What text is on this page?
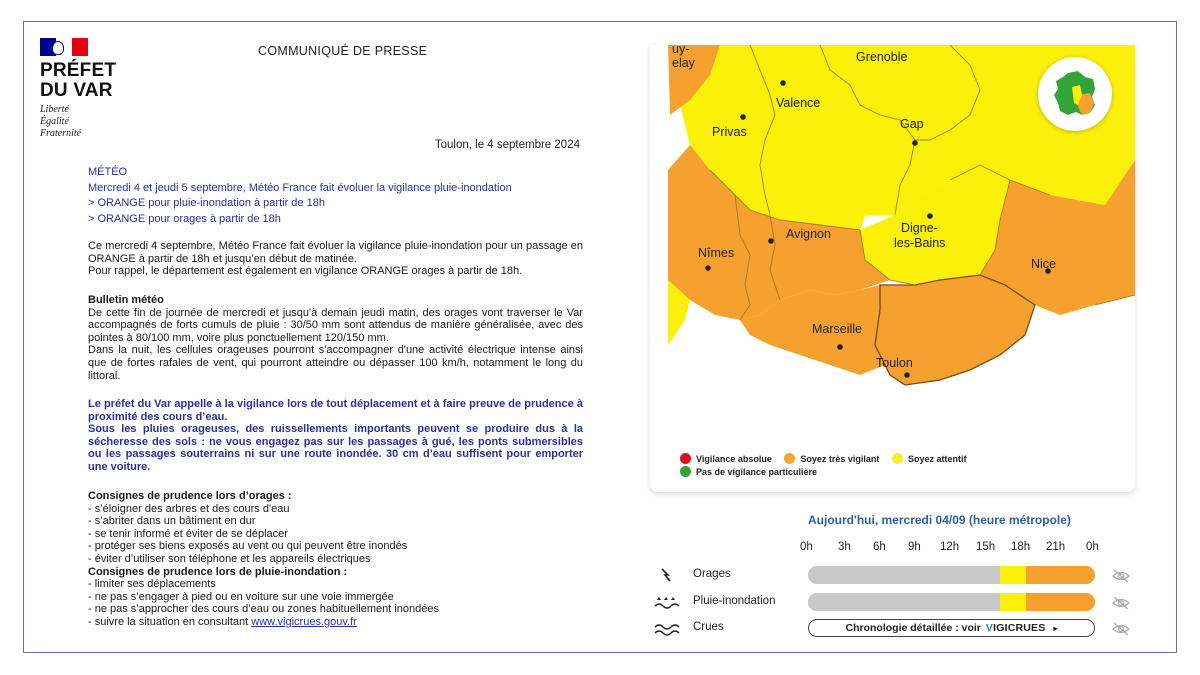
PRÉFET
DU VAR
Liberté
Égalité
Fraternité
COMMUNIQUÉ DE PRESSE
Toulon, le 4 septembre 2024
MÉTÉO
Mercredi 4 et jeudi 5 septembre, Météo France fait évoluer la vigilance pluie-inondation
> ORANGE pour pluie-inondation à partir de 18h
> ORANGE pour orages à partir de 18h

Ce mercredi 4 septembre, Météo France fait évoluer la vigilance pluie-inondation pour un passage en ORANGE à partir de 18h et jusqu’en début de matinée.

Pour rappel, le département est également en vigilance ORANGE orages à partir de 18h.

Bulletin météo

De cette fin de journée de mercredi et jusqu'à demain jeudi matin, des orages vont traverser le Var accompagnés de forts cumuls de pluie : 30/50 mm sont attendus de manière généralisée, avec des pointes à 80/100 mm, voire plus ponctuellement 120/150 mm.

Dans la nuit, les cellules orageuses pourront s'accompagner d'une activité électrique intense ainsi que de fortes rafales de vent, qui pourront atteindre ou dépasser 100 km/h, notamment le long du littoral.

Le préfet du Var appelle à la vigilance lors de tout déplacement et à faire preuve de prudence à proximité des cours d’eau.

Sous les pluies orageuses, des ruissellements importants peuvent se produire dus à la sécheresse des sols : ne vous engagez pas sur les passages à gué, les ponts submersibles ou les passages souterrains ni sur une route inondée. 30 cm d’eau suffisent pour emporter une voiture.

Consignes de prudence lors d’orages :
- s’éloigner des arbres et des cours d'eau
- s’abriter dans un bâtiment en dur
- se tenir informé et éviter de se déplacer
- protéger ses biens exposés au vent ou qui peuvent être inondés
- éviter d’utiliser son téléphone et les appareils électriques
Consignes de prudence lors de pluie-inondation :
- limiter ses déplacements
- ne pas s’engager à pied ou en voiture sur une voie immergée
- ne pas s’approcher des cours d’eau ou zones habituellement inondées
- suivre la situation en consultant www.vigicrues.gouv.fr
Grenoble
Valence
Privas
Gap
Digne-
les-Bains
Nîmes
Avignon
Nice
Marseille
Toulon
uy-
elay
Vigilance absolue
	Soyez très vigilant
	Soyez attentif

Pas de vigilance particulière
Aujourd'hui, mercredi 04/09 (heure métropole)
0h 3h 6h 9h 12h 15h 18h 21h 0h
Orages
Pluie-inondation
Crues	Chronologie détaillée : voir VIGICRUES ▸
